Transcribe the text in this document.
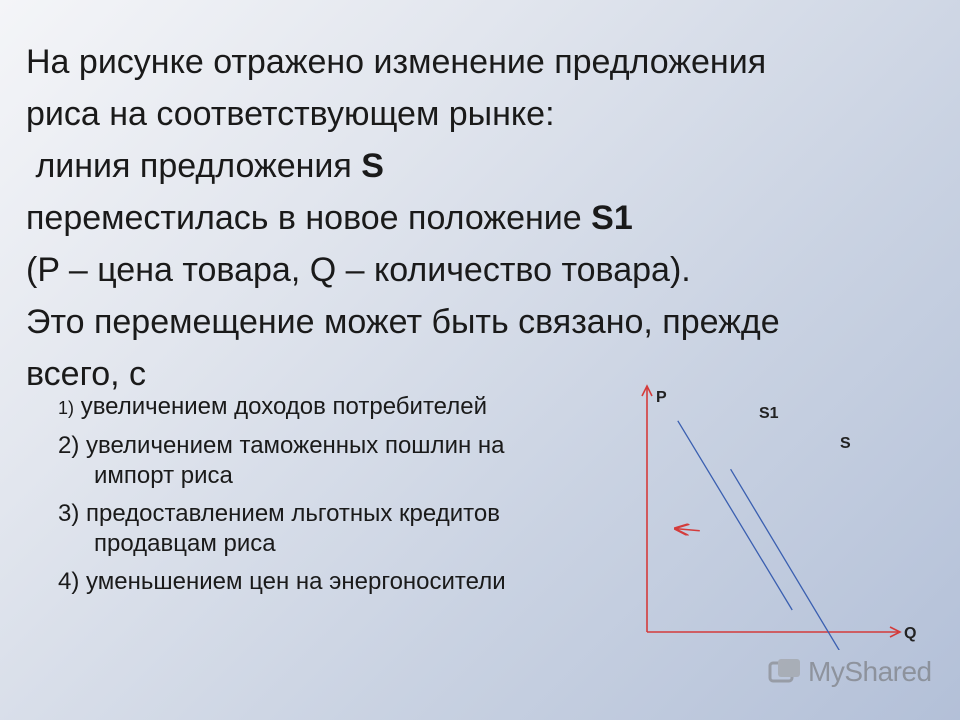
На рисунке отражено изменение предложения
риса на соответствующем рынке:
линия предложения S
переместилась в новое положение S1
(P – цена товара, Q – количество товара).
Это перемещение может быть связано, прежде
всего, с
1) увеличением доходов потребителей
2) увеличением таможенных пошлин на импорт риса
3) предоставлением льготных кредитов продавцам риса
4) уменьшением цен на энергоносители
P
Q
S1
S
MyShared
